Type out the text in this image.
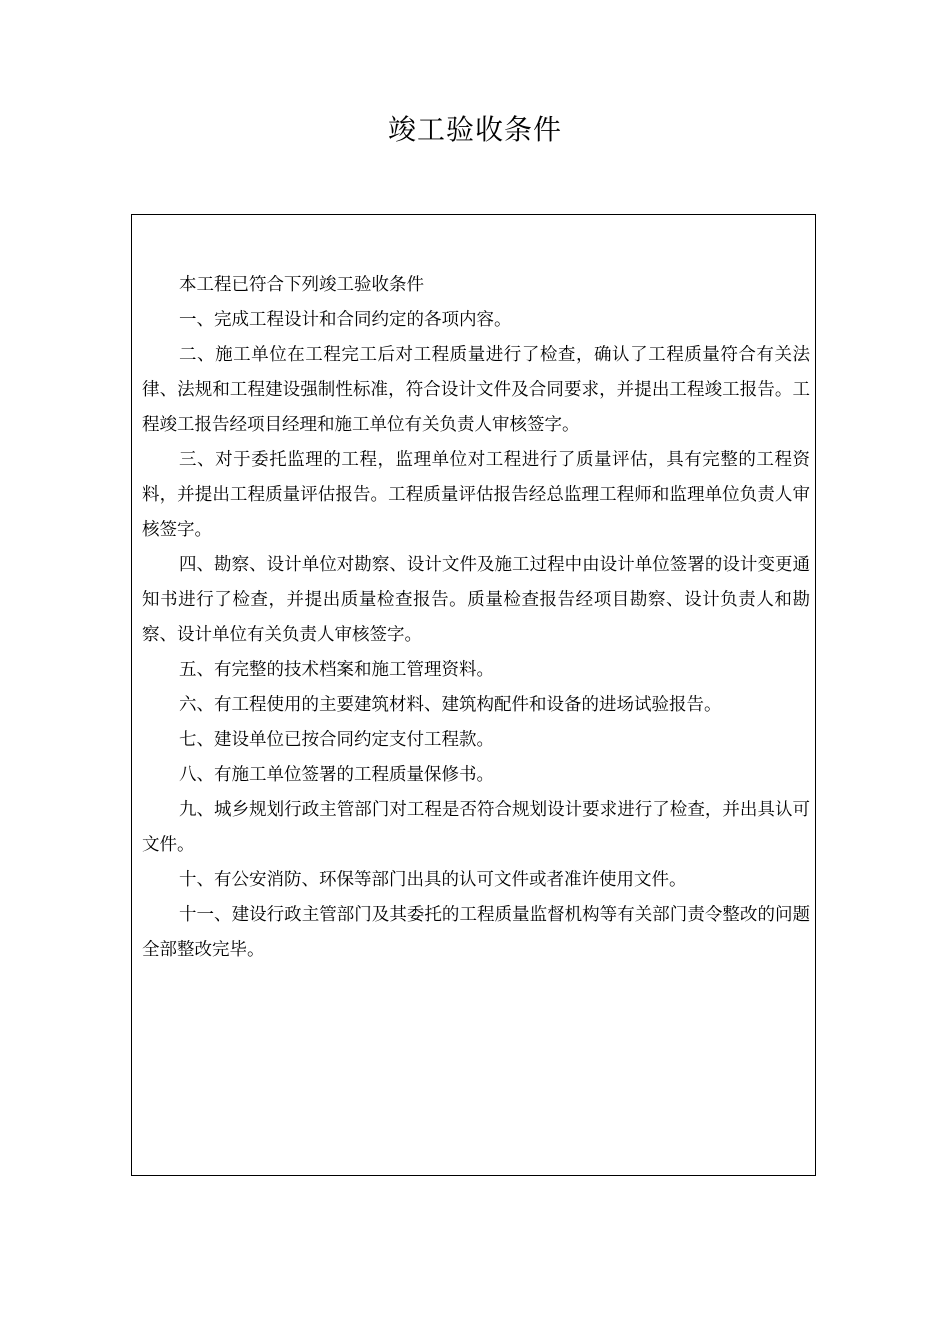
竣工验收条件

本工程已符合下列竣工验收条件

一、完成工程设计和合同约定的各项内容。

二、施工单位在工程完工后对工程质量进行了检查，确认了工程质量符合有关法律、法规和工程建设强制性标准，符合设计文件及合同要求，并提出工程竣工报告。工程竣工报告经项目经理和施工单位有关负责人审核签字。

三、对于委托监理的工程，监理单位对工程进行了质量评估，具有完整的工程资料，并提出工程质量评估报告。工程质量评估报告经总监理工程师和监理单位负责人审核签字。

四、勘察、设计单位对勘察、设计文件及施工过程中由设计单位签署的设计变更通知书进行了检查，并提出质量检查报告。质量检查报告经项目勘察、设计负责人和勘察、设计单位有关负责人审核签字。

五、有完整的技术档案和施工管理资料。

六、有工程使用的主要建筑材料、建筑构配件和设备的进场试验报告。

七、建设单位已按合同约定支付工程款。

八、有施工单位签署的工程质量保修书。

九、城乡规划行政主管部门对工程是否符合规划设计要求进行了检查，并出具认可文件。

十、有公安消防、环保等部门出具的认可文件或者准许使用文件。

十一、建设行政主管部门及其委托的工程质量监督机构等有关部门责令整改的问题全部整改完毕。
